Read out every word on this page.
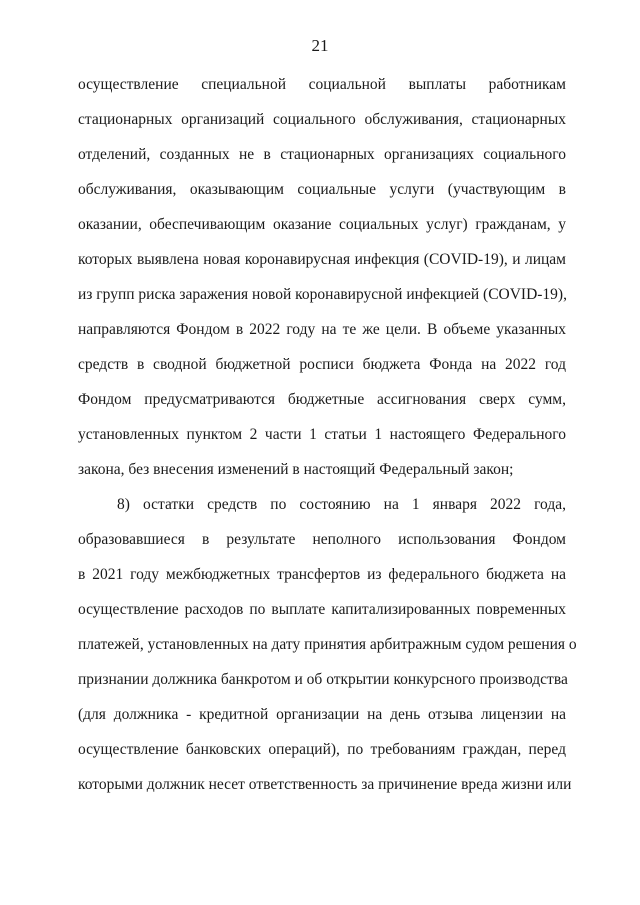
21
осуществление специальной социальной выплаты работникам
стационарных организаций социального обслуживания, стационарных
отделений, созданных не в стационарных организациях социального
обслуживания, оказывающим социальные услуги (участвующим в
оказании, обеспечивающим оказание социальных услуг) гражданам, у
которых выявлена новая коронавирусная инфекция (COVID-19), и лицам
из групп риска заражения новой коронавирусной инфекцией (COVID-19),
направляются Фондом в 2022 году на те же цели. В объеме указанных
средств в сводной бюджетной росписи бюджета Фонда на 2022 год
Фондом предусматриваются бюджетные ассигнования сверх сумм,
установленных пунктом 2 части 1 статьи 1 настоящего Федерального
закона, без внесения изменений в настоящий Федеральный закон;
8) остатки средств по состоянию на 1 января 2022 года,
образовавшиеся в результате неполного использования Фондом
в 2021 году межбюджетных трансфертов из федерального бюджета на
осуществление расходов по выплате капитализированных повременных
платежей, установленных на дату принятия арбитражным судом решения о
признании должника банкротом и об открытии конкурсного производства
(для должника - кредитной организации на день отзыва лицензии на
осуществление банковских операций), по требованиям граждан, перед
которыми должник несет ответственность за причинение вреда жизни или
